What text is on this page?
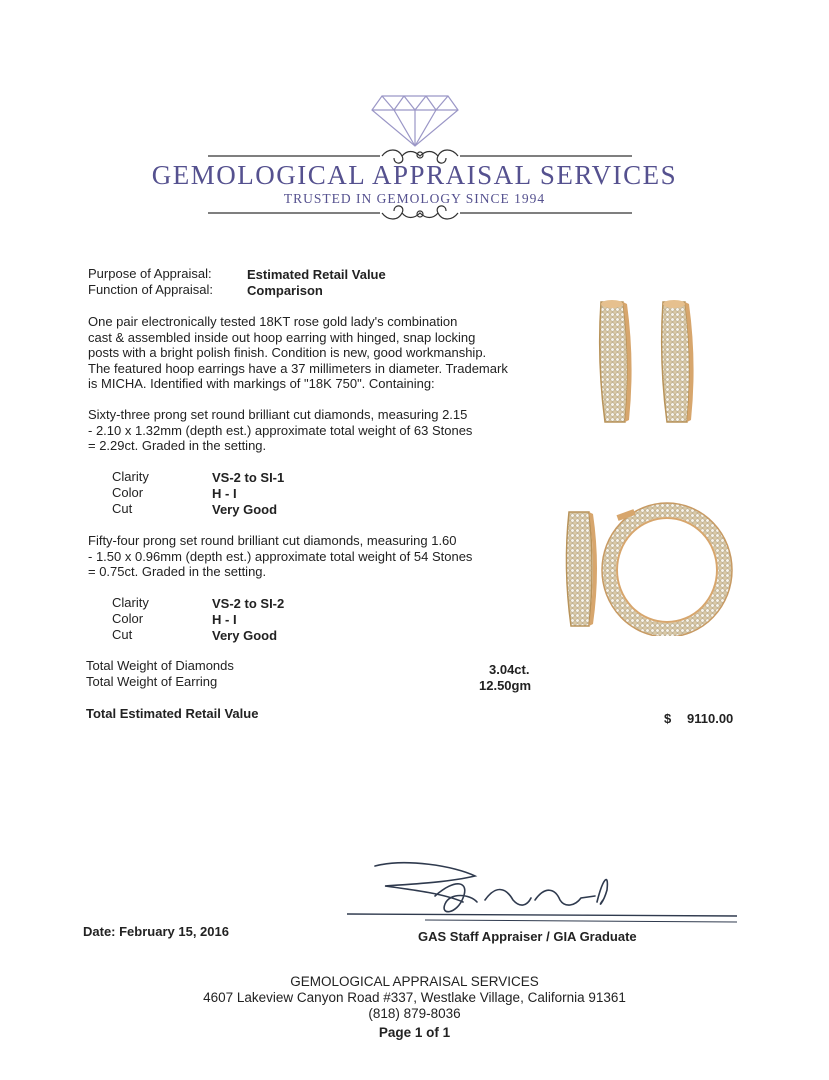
GEMOLOGICAL APPRAISAL SERVICES
TRUSTED IN GEMOLOGY SINCE 1994
Purpose of Appraisal:	Estimated Retail Value
Function of Appraisal:	Comparison
One pair electronically tested 18KT rose gold lady's combination
cast & assembled inside out hoop earring with hinged, snap locking
posts with a bright polish finish. Condition is new, good workmanship.
The featured hoop earrings have a 37 millimeters in diameter. Trademark
is MICHA. Identified with markings of "18K 750". Containing:
Sixty-three prong set round brilliant cut diamonds, measuring 2.15
- 2.10 x 1.32mm (depth est.) approximate total weight of 63 Stones
= 2.29ct. Graded in the setting.
Clarity	VS-2 to SI-1
Color	H - I
Cut	Very Good
Fifty-four prong set round brilliant cut diamonds, measuring 1.60
- 1.50 x 0.96mm (depth est.) approximate total weight of 54 Stones
= 0.75ct. Graded in the setting.
Clarity	VS-2 to SI-2
Color	H - I
Cut	Very Good
Total Weight of Diamonds	3.04ct.
Total Weight of Earring	12.50gm
Total Estimated Retail Value	$ 9110.00
Date: February 15, 2016	GAS Staff Appraiser / GIA Graduate
GEMOLOGICAL APPRAISAL SERVICES
4607 Lakeview Canyon Road #337, Westlake Village, California 91361
(818) 879-8036
Page 1 of 1
